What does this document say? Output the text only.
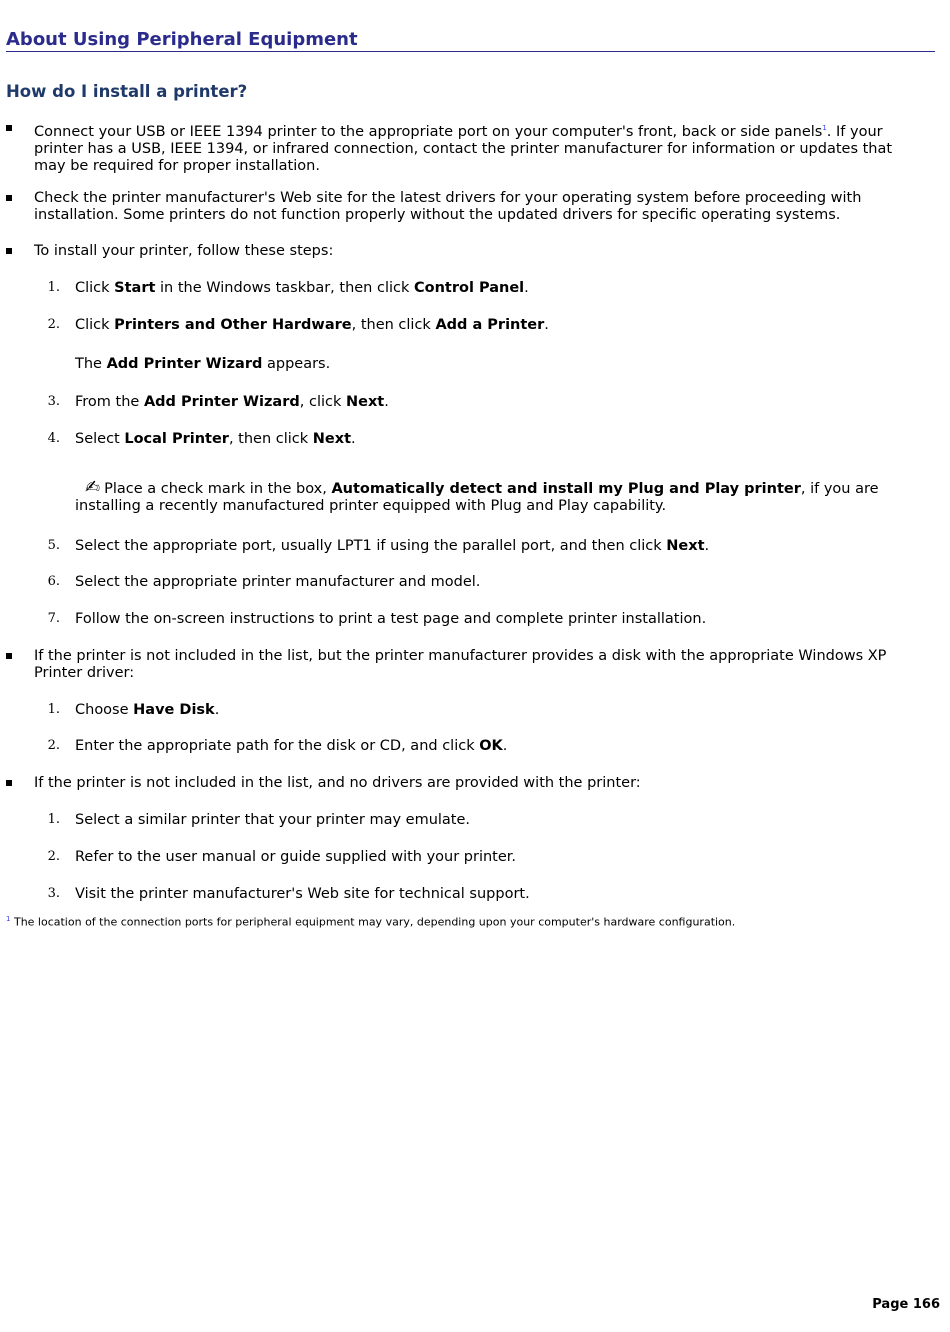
About Using Peripheral Equipment
How do I install a printer?
Connect your USB or IEEE 1394 printer to the appropriate port on your computer's front, back or side panels$^1$. If your printer has a USB, IEEE 1394, or infrared connection, contact the printer manufacturer for information or updates that may be required for proper installation.
Check the printer manufacturer's Web site for the latest drivers for your operating system before proceeding with installation. Some printers do not function properly without the updated drivers for specific operating systems.
To install your printer, follow these steps:
1. Click Start in the Windows taskbar, then click Control Panel.
2. Click Printers and Other Hardware, then click Add a Printer.
The Add Printer Wizard appears.
3. From the Add Printer Wizard, click Next.
4. Select Local Printer, then click Next.
✍ Place a check mark in the box, Automatically detect and install my Plug and Play printer, if you are installing a recently manufactured printer equipped with Plug and Play capability.
5. Select the appropriate port, usually LPT1 if using the parallel port, and then click Next.
6. Select the appropriate printer manufacturer and model.
7. Follow the on-screen instructions to print a test page and complete printer installation.
If the printer is not included in the list, but the printer manufacturer provides a disk with the appropriate Windows XP Printer driver:
1. Choose Have Disk.
2. Enter the appropriate path for the disk or CD, and click OK.
If the printer is not included in the list, and no drivers are provided with the printer:
1. Select a similar printer that your printer may emulate.
2. Refer to the user manual or guide supplied with your printer.
3. Visit the printer manufacturer's Web site for technical support.
$^1$ The location of the connection ports for peripheral equipment may vary, depending upon your computer's hardware configuration.
Page 166
